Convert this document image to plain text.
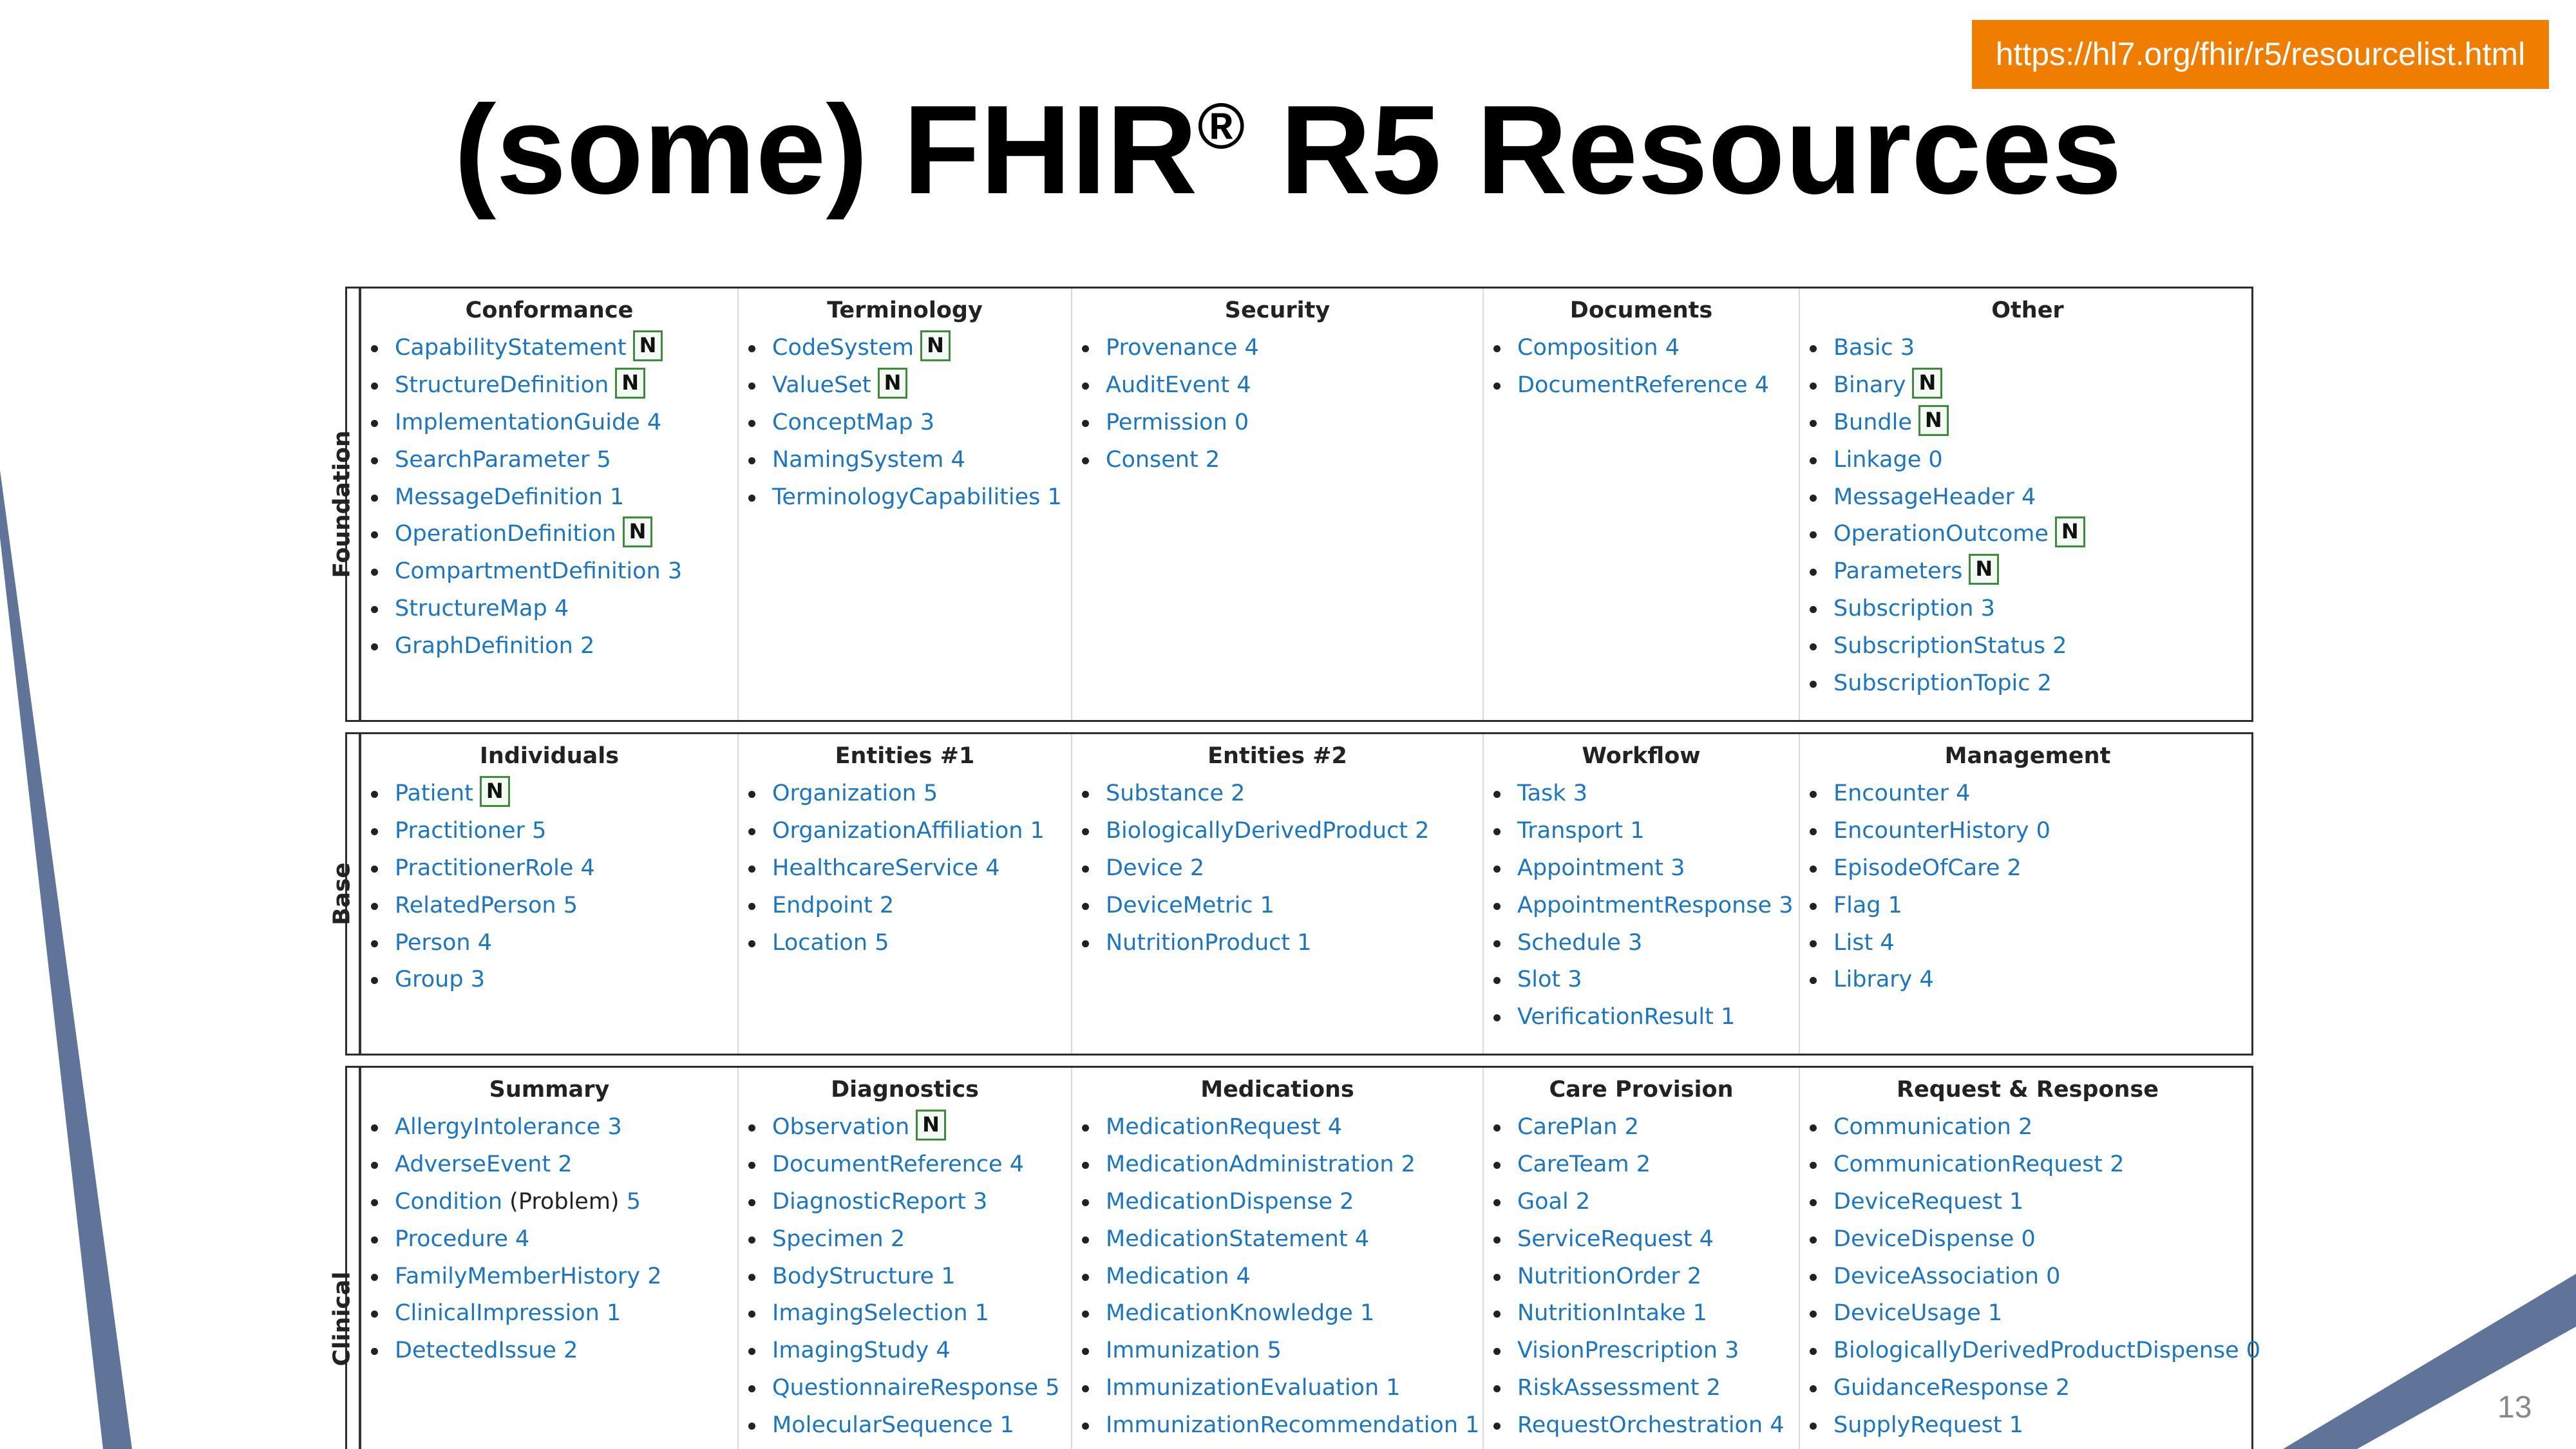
https://hl7.org/fhir/r5/resourcelist.html
(some) FHIR® R5 Resources
Foundation
Conformance
CapabilityStatement N
StructureDefinition N
ImplementationGuide 4
SearchParameter 5
MessageDefinition 1
OperationDefinition N
CompartmentDefinition 3
StructureMap 4
GraphDefinition 2
Terminology
CodeSystem N
ValueSet N
ConceptMap 3
NamingSystem 4
TerminologyCapabilities 1
Security
Provenance 4
AuditEvent 4
Permission 0
Consent 2
Documents
Composition 4
DocumentReference 4
Other
Basic 3
Binary N
Bundle N
Linkage 0
MessageHeader 4
OperationOutcome N
Parameters N
Subscription 3
SubscriptionStatus 2
SubscriptionTopic 2
Base
Individuals
Patient N
Practitioner 5
PractitionerRole 4
RelatedPerson 5
Person 4
Group 3
Entities #1
Organization 5
OrganizationAffiliation 1
HealthcareService 4
Endpoint 2
Location 5
Entities #2
Substance 2
BiologicallyDerivedProduct 2
Device 2
DeviceMetric 1
NutritionProduct 1
Workflow
Task 3
Transport 1
Appointment 3
AppointmentResponse 3
Schedule 3
Slot 3
VerificationResult 1
Management
Encounter 4
EncounterHistory 0
EpisodeOfCare 2
Flag 1
List 4
Library 4
Clinical
Summary
AllergyIntolerance 3
AdverseEvent 2
Condition (Problem) 5
Procedure 4
FamilyMemberHistory 2
ClinicalImpression 1
DetectedIssue 2
Diagnostics
Observation N
DocumentReference 4
DiagnosticReport 3
Specimen 2
BodyStructure 1
ImagingSelection 1
ImagingStudy 4
QuestionnaireResponse 5
MolecularSequence 1
Medications
MedicationRequest 4
MedicationAdministration 2
MedicationDispense 2
MedicationStatement 4
Medication 4
MedicationKnowledge 1
Immunization 5
ImmunizationEvaluation 1
ImmunizationRecommendation 1
Care Provision
CarePlan 2
CareTeam 2
Goal 2
ServiceRequest 4
NutritionOrder 2
NutritionIntake 1
VisionPrescription 3
RiskAssessment 2
RequestOrchestration 4
Request & Response
Communication 2
CommunicationRequest 2
DeviceRequest 1
DeviceDispense 0
DeviceAssociation 0
DeviceUsage 1
BiologicallyDerivedProductDispense 0
GuidanceResponse 2
SupplyRequest 1
13
